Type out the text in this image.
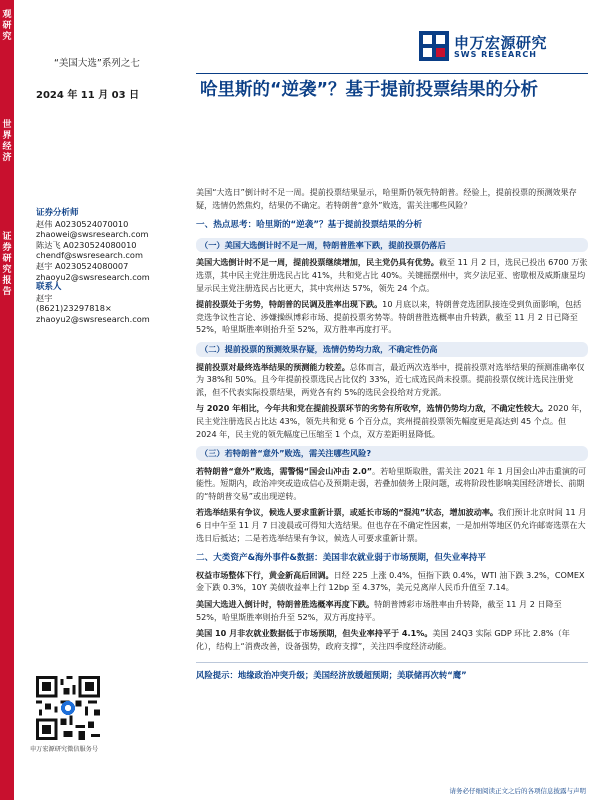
观
研
究
世
界
经
济
证
券
研
究
报
告
“美国大选”系列之七
2024 年 11 月 03 日
申万宏源研究
SWS RESEARCH
哈里斯的“逆袭”？基于提前投票结果的分析
证券分析师
赵伟 A0230524070010
zhaowei@swsresearch.com
陈达飞 A0230524080010
chendf@swsresearch.com
赵宇 A0230524080007
zhaoyu2@swsresearch.com
联系人
赵宇
(8621)23297818×
zhaoyu2@swsresearch.com

美国“大选日”倒计时不足一周。提前投票结果显示，哈里斯仍领先特朗普。经验上，提前投票的预测效果存疑，选情仍然焦灼，结果仍不确定。若特朗普“意外”败选，需关注哪些风险？

一、热点思考：哈里斯的“逆袭”？基于提前投票结果的分析
（一）美国大选倒计时不足一周，特朗普胜率下跌，提前投票仍落后

美国大选倒计时不足一周，提前投票继续增加，民主党仍具有优势。截至 11 月 2 日，选民已投出 6700 万张选票，其中民主党注册选民占比 41%，共和党占比 40%。关键摇摆州中，宾夕法尼亚、密歇根及威斯康星均显示民主党注册选民占比更大，其中宾州达 57%，领先 24 个点。

提前投票处于劣势，特朗普的民调及胜率出现下跌。10 月底以来，特朗普竞选团队接连受到负面影响，包括竞选争议性言论、涉嫌操纵博彩市场、提前投票劣势等。特朗普胜选概率由升转跌，截至 11 月 2 日已降至 52%，哈里斯胜率则抬升至 52%，双方胜率再度打平。

（二）提前投票的预测效果存疑，选情仍势均力敌，不确定性仍高

提前投票对最终选举结果的预测能力较差。总体而言，最近两次选举中，提前投票对选举结果的预测准确率仅为 38%和 50%。且今年提前投票选民占比仅约 33%，近七成选民尚未投票。提前投票仅统计选民注册党派，但不代表实际投票结果，两党各有约 5%的选民会投给对方党派。

与 2020 年相比，今年共和党在提前投票环节的劣势有所收窄，选情仍势均力敌，不确定性较大。2020 年，民主党注册选民占比达 43%，领先共和党 6 个百分点，宾州提前投票领先幅度更是高达到 45 个点。但 2024 年，民主党的领先幅度已压缩至 1 个点，双方差距明显降低。

（三）若特朗普“意外”败选，需关注哪些风险?

若特朗普“意外”败选，需警惕“国会山冲击 2.0”。若哈里斯取胜，需关注 2021 年 1 月国会山冲击重演的可能性。短期内，政治冲突或造成信心及预期走弱，若叠加债务上限问题，或将阶段性影响美国经济增长、前期的“特朗普交易”或出现逆转。

若选举结果有争议，候选人要求重新计票，或延长市场的“混沌”状态，增加波动率。我们预计北京时间 11 月 6 日中午至 11 月 7 日凌晨或可得知大选结果。但也存在不确定性因素，一是加州等地区仍允许邮寄选票在大选日后抵达；二是若选举结果有争议，候选人可要求重新计票。

二、大类资产&海外事件&数据：美国非农就业弱于市场预期，但失业率持平

权益市场整体下行，黄金新高后回调。日经 225 上涨 0.4%，恒指下跌 0.4%，WTI 油下跌 3.2%，COMEX 金下跌 0.3%，10Y 美债收益率上行 12bp 至 4.37%，美元兑离岸人民币升值至 7.14。

美国大选进入倒计时，特朗普胜选概率再度下跌。特朗普博彩市场胜率由升转降，截至 11 月 2 日降至 52%，哈里斯胜率则抬升至 52%，双方再度持平。

美国 10 月非农就业数据低于市场预期，但失业率持平于 4.1%。美国 24Q3 实际 GDP 环比 2.8%（年化），结构上“消费改善，设备强势，政府支撑”，关注四季度经济动能。

风险提示：地缘政治冲突升级；美国经济放缓超预期；美联储再次转“鹰”
申万宏源研究微信服务号
请务必仔细阅读正文之后的各项信息披露与声明
